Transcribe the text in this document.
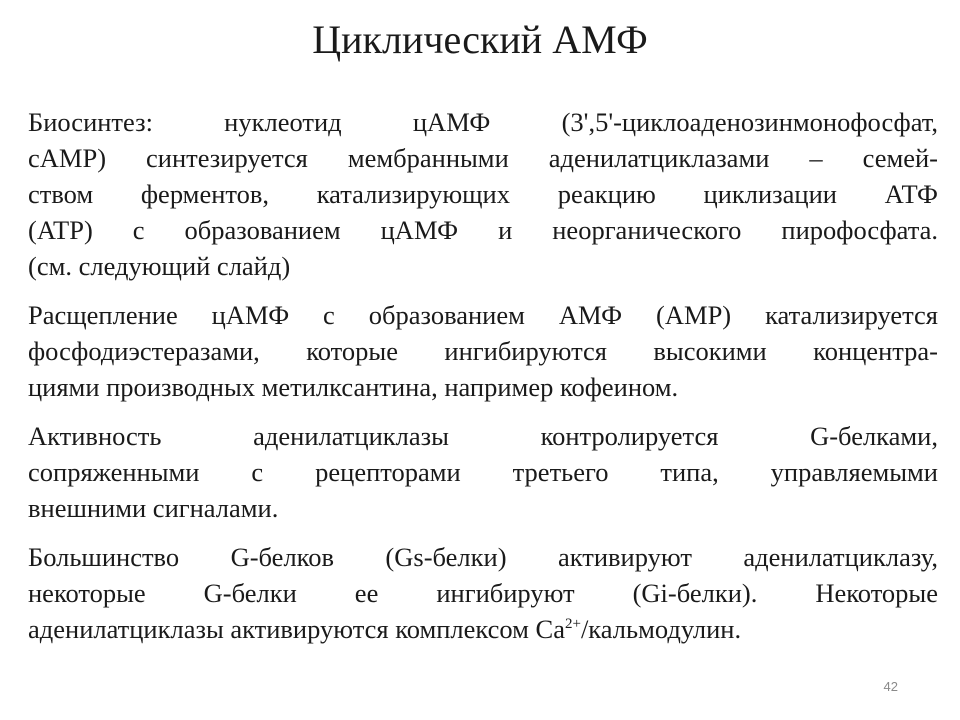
Циклический АМФ

Биосинтез: нуклеотид цАМФ (3',5'-циклоаденозинмонофосфат,
cAMP) синтезируется мембранными аденилатциклазами – семей-
ством ферментов, катализирующих реакцию циклизации АТФ
(ATP) с образованием цАМФ и неорганического пирофосфата.
(см. следующий слайд)

Расщепление цАМФ с образованием АМФ (AMP) катализируется
фосфодиэстеразами, которые ингибируются высокими концентра-
циями производных метилксантина, например кофеином.

Активность аденилатциклазы контролируется G-белками,
сопряженными с рецепторами третьего типа, управляемыми
внешними сигналами.

Большинство G-белков (Gs-белки) активируют аденилатциклазу,
некоторые G-белки ее ингибируют (Gi-белки). Некоторые
аденилатциклазы активируются комплексом $Ca^{2+}$/кальмодулин.

42
